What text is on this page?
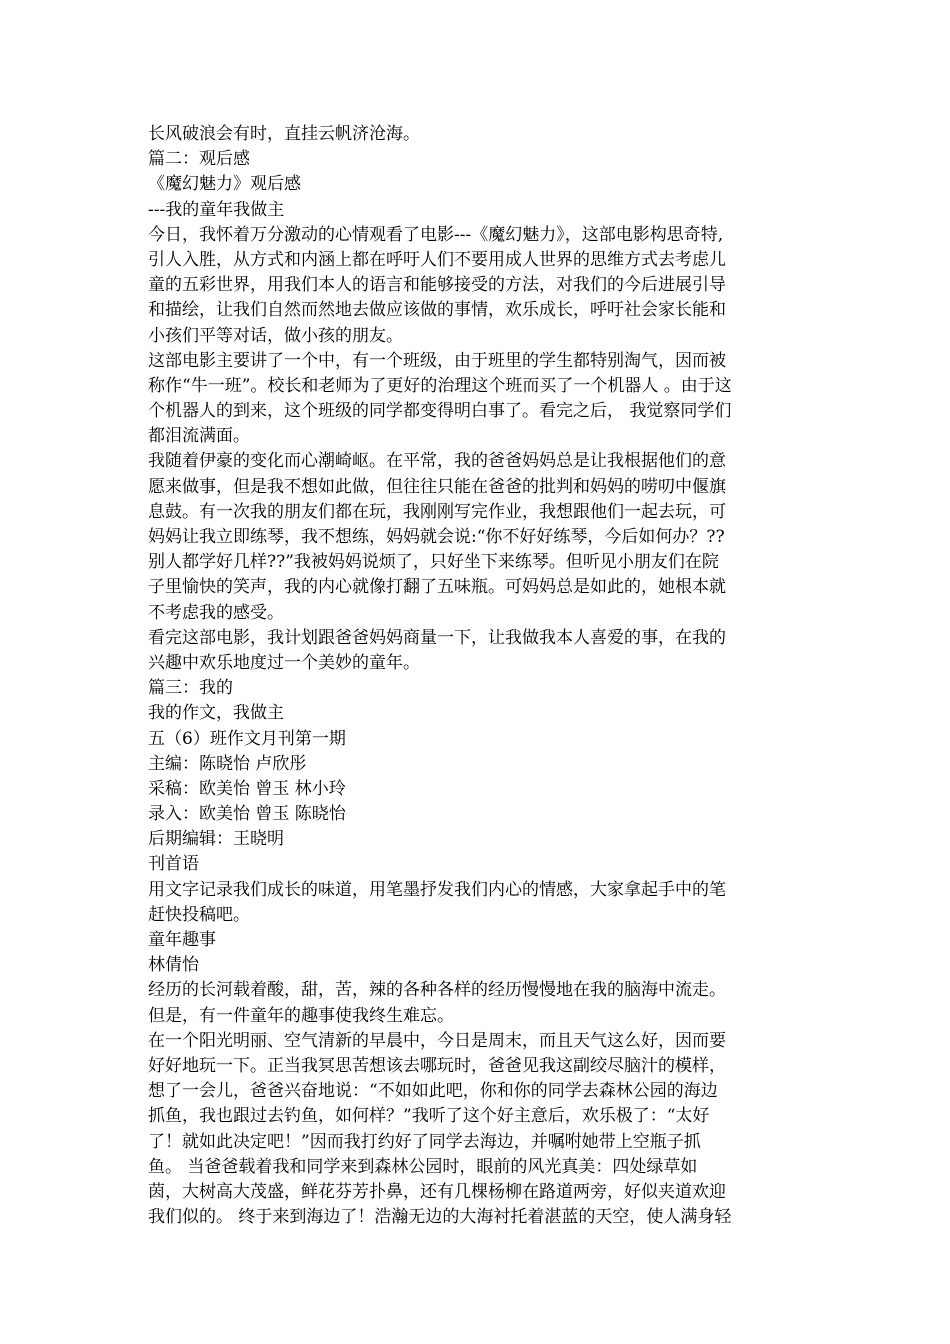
长风破浪会有时，直挂云帆济沧海。
篇二：观后感
《魔幻魅力》观后感
---我的童年我做主
今日，我怀着万分激动的心情观看了电影---《魔幻魅力》，这部电影构思奇特,
引人入胜，从方式和内涵上都在呼吁人们不要用成人世界的思维方式去考虑儿
童的五彩世界，用我们本人的语言和能够接受的方法，对我们的今后进展引导
和描绘，让我们自然而然地去做应该做的事情，欢乐成长，呼吁社会家长能和
小孩们平等对话，做小孩的朋友。
这部电影主要讲了一个中，有一个班级，由于班里的学生都特别淘气，因而被
称作“牛一班”。校长和老师为了更好的治理这个班而买了一个机器人 。由于这
个机器人的到来，这个班级的同学都变得明白事了。看完之后， 我觉察同学们
都泪流满面。
我随着伊豪的变化而心潮崎岖。在平常，我的爸爸妈妈总是让我根据他们的意
愿来做事，但是我不想如此做，但往往只能在爸爸的批判和妈妈的唠叨中偃旗
息鼓。有一次我的朋友们都在玩，我刚刚写完作业，我想跟他们一起去玩，可
妈妈让我立即练琴，我不想练，妈妈就会说:“你不好好练琴，今后如何办？??
别人都学好几样??”我被妈妈说烦了，只好坐下来练琴。但听见小朋友们在院
子里愉快的笑声，我的内心就像打翻了五味瓶。可妈妈总是如此的，她根本就
不考虑我的感受。
看完这部电影，我计划跟爸爸妈妈商量一下，让我做我本人喜爱的事，在我的
兴趣中欢乐地度过一个美妙的童年。
篇三：我的
我的作文，我做主
五（6）班作文月刊第一期
主编：陈晓怡 卢欣彤
采稿：欧美怡 曾玉 林小玲
录入：欧美怡 曾玉 陈晓怡
后期编辑：王晓明
刊首语
用文字记录我们成长的味道，用笔墨抒发我们内心的情感，大家拿起手中的笔
赶快投稿吧。
童年趣事
林倩怡
经历的长河载着酸，甜，苦，辣的各种各样的经历慢慢地在我的脑海中流走。
但是，有一件童年的趣事使我终生难忘。
在一个阳光明丽、空气清新的早晨中，今日是周末，而且天气这么好，因而要
好好地玩一下。正当我冥思苦想该去哪玩时，爸爸见我这副绞尽脑汁的模样，
想了一会儿，爸爸兴奋地说：“不如如此吧，你和你的同学去森林公园的海边
抓鱼，我也跟过去钓鱼，如何样？”我听了这个好主意后，欢乐极了：“太好
了！就如此决定吧！”因而我打约好了同学去海边，并嘱咐她带上空瓶子抓
鱼。 当爸爸载着我和同学来到森林公园时，眼前的风光真美：四处绿草如
茵，大树高大茂盛，鲜花芬芳扑鼻，还有几棵杨柳在路道两旁，好似夹道欢迎
我们似的。 终于来到海边了！浩瀚无边的大海衬托着湛蓝的天空，使人满身轻
